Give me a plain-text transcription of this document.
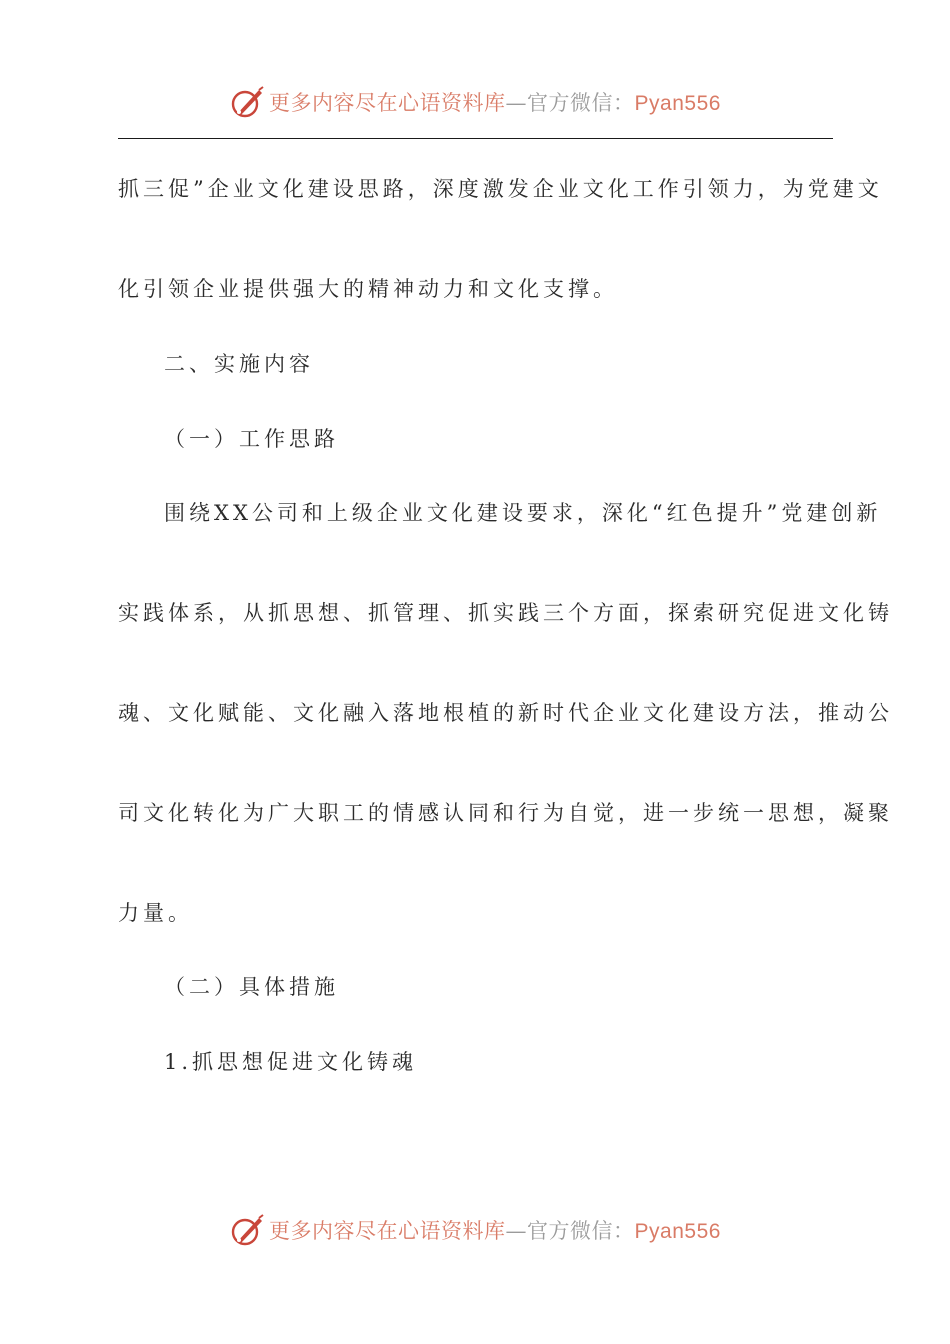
更多内容尽在心语资料库—官方微信：Pyan556
抓三促”企业文化建设思路，深度激发企业文化工作引领力，为党建文
化引领企业提供强大的精神动力和文化支撑。
二、实施内容
（一）工作思路
围绕XX公司和上级企业文化建设要求，深化“红色提升”党建创新
实践体系，从抓思想、抓管理、抓实践三个方面，探索研究促进文化铸
魂、文化赋能、文化融入落地根植的新时代企业文化建设方法，推动公
司文化转化为广大职工的情感认同和行为自觉，进一步统一思想，凝聚
力量。
（二）具体措施
1.抓思想促进文化铸魂
更多内容尽在心语资料库—官方微信：Pyan556
